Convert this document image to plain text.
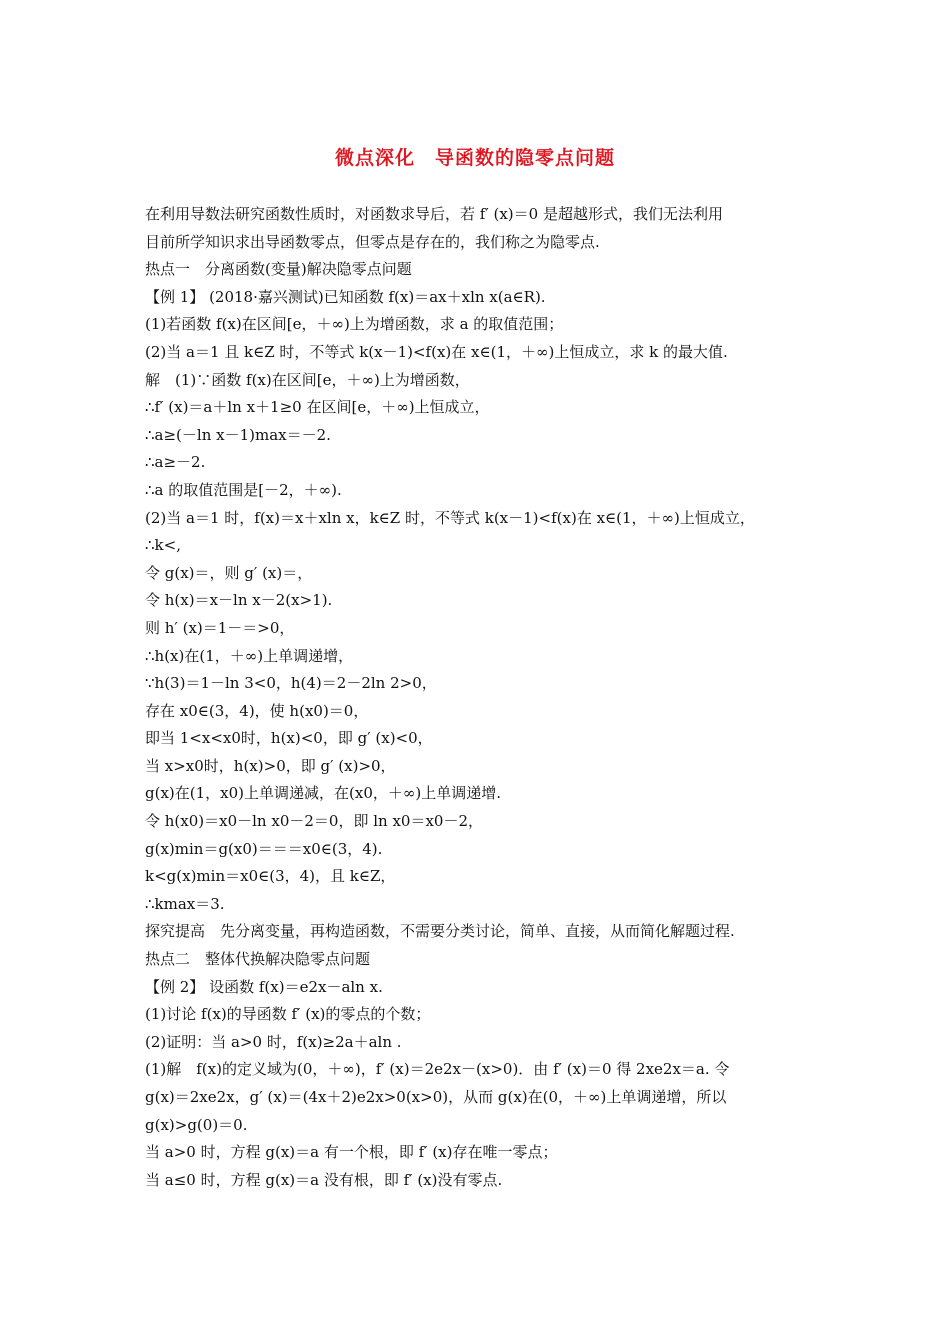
微点深化　导函数的隐零点问题
在利用导数法研究函数性质时，对函数求导后，若 f′ (x)＝0 是超越形式，我们无法利用
目前所学知识求出导函数零点，但零点是存在的，我们称之为隐零点.
热点一　分离函数(变量)解决隐零点问题
【例 1】 (2018·嘉兴测试)已知函数 f(x)＝ax＋xln x(a∈R).
(1)若函数 f(x)在区间[e，＋∞)上为增函数，求 a 的取值范围；
(2)当 a＝1 且 k∈Z 时，不等式 k(x－1)<f(x)在 x∈(1，＋∞)上恒成立，求 k 的最大值.
解　(1)∵函数 f(x)在区间[e，＋∞)上为增函数，
∴f′ (x)＝a＋ln x＋1≥0 在区间[e，＋∞)上恒成立，
∴a≥(－ln x－1)max＝－2.
∴a≥－2.
∴a 的取值范围是[－2，＋∞).
(2)当 a＝1 时，f(x)＝x＋xln x，k∈Z 时，不等式 k(x－1)<f(x)在 x∈(1，＋∞)上恒成立，
∴k<,
令 g(x)＝，则 g′ (x)＝，
令 h(x)＝x－ln x－2(x>1).
则 h′ (x)＝1－＝>0，
∴h(x)在(1，＋∞)上单调递增，
∵h(3)＝1－ln 3<0，h(4)＝2－2ln 2>0，
存在 x0∈(3，4)，使 h(x0)＝0，
即当 1<x<x0时，h(x)<0，即 g′ (x)<0，
当 x>x0时，h(x)>0，即 g′ (x)>0，
g(x)在(1，x0)上单调递减，在(x0，＋∞)上单调递增.
令 h(x0)＝x0－ln x0－2＝0，即 ln x0＝x0－2，
g(x)min＝g(x0)＝＝＝x0∈(3，4).
k<g(x)min＝x0∈(3，4)，且 k∈Z，
∴kmax＝3.
探究提高　先分离变量，再构造函数，不需要分类讨论，简单、直接，从而简化解题过程.
热点二　整体代换解决隐零点问题
【例 2】 设函数 f(x)＝e2x－aln x.
(1)讨论 f(x)的导函数 f′ (x)的零点的个数；
(2)证明：当 a>0 时，f(x)≥2a＋aln .
(1)解　f(x)的定义域为(0，＋∞)，f′ (x)＝2e2x－(x>0)．由 f′ (x)＝0 得 2xe2x＝a. 令
g(x)＝2xe2x，g′ (x)＝(4x＋2)e2x>0(x>0)，从而 g(x)在(0，＋∞)上单调递增，所以
g(x)>g(0)＝0.
当 a>0 时，方程 g(x)＝a 有一个根，即 f′ (x)存在唯一零点；
当 a≤0 时，方程 g(x)＝a 没有根，即 f′ (x)没有零点.
